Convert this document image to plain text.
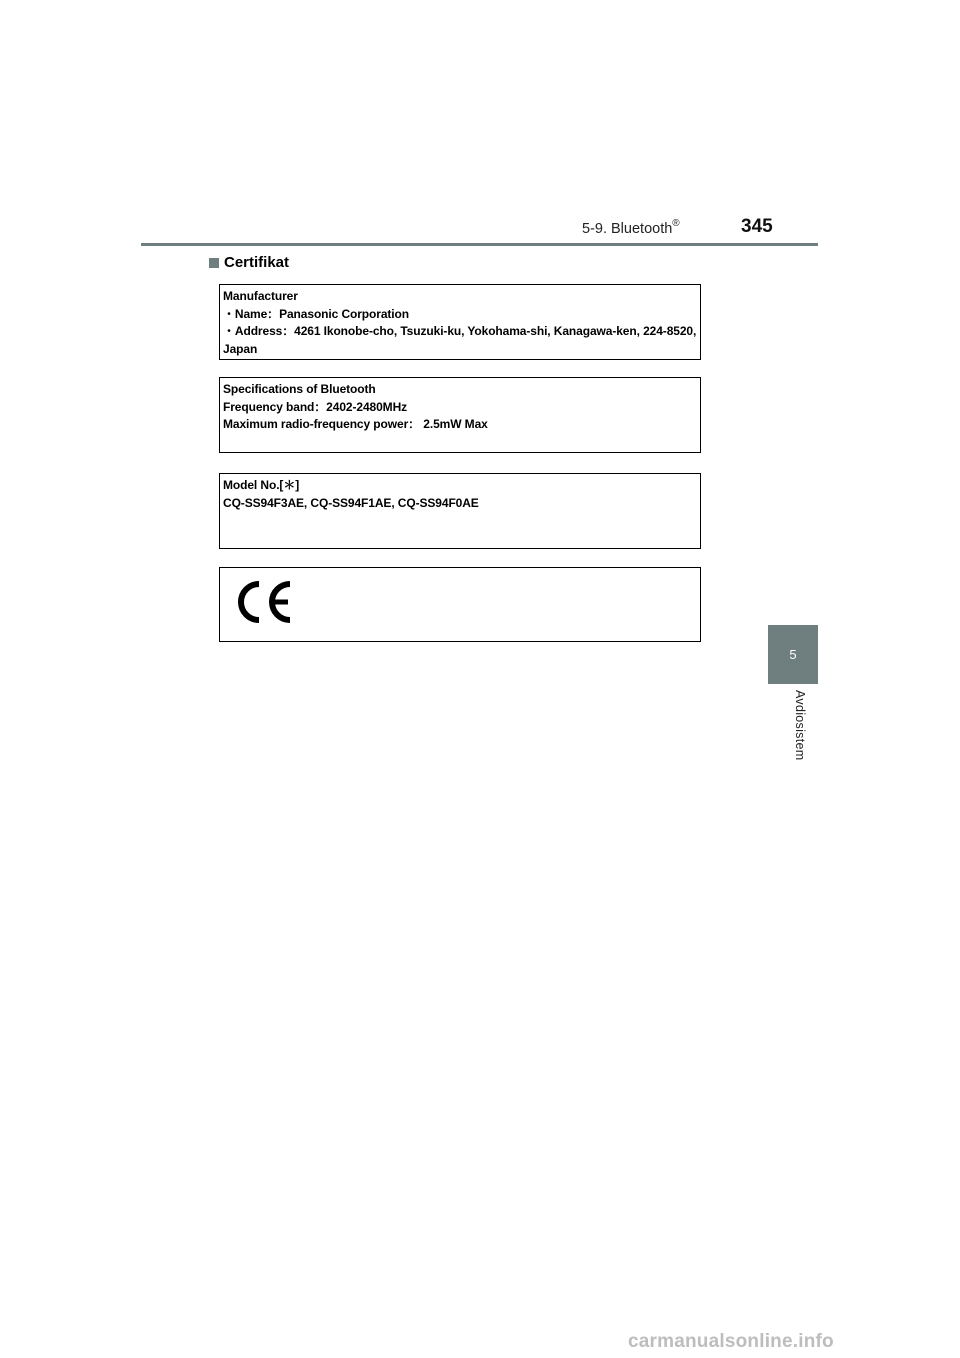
5-9. Bluetooth®	345
Certifikat
Manufacturer
・Name：Panasonic Corporation
・Address：4261 Ikonobe-cho, Tsuzuki-ku, Yokohama-shi, Kanagawa-ken, 224-8520, Japan
Specifications of Bluetooth
Frequency band：2402-2480MHz
Maximum radio-frequency power： 2.5mW Max
Model No.[＊]
CQ-SS94F3AE, CQ-SS94F1AE, CQ-SS94F0AE
5
Avdiosistem
carmanualsonline.info
